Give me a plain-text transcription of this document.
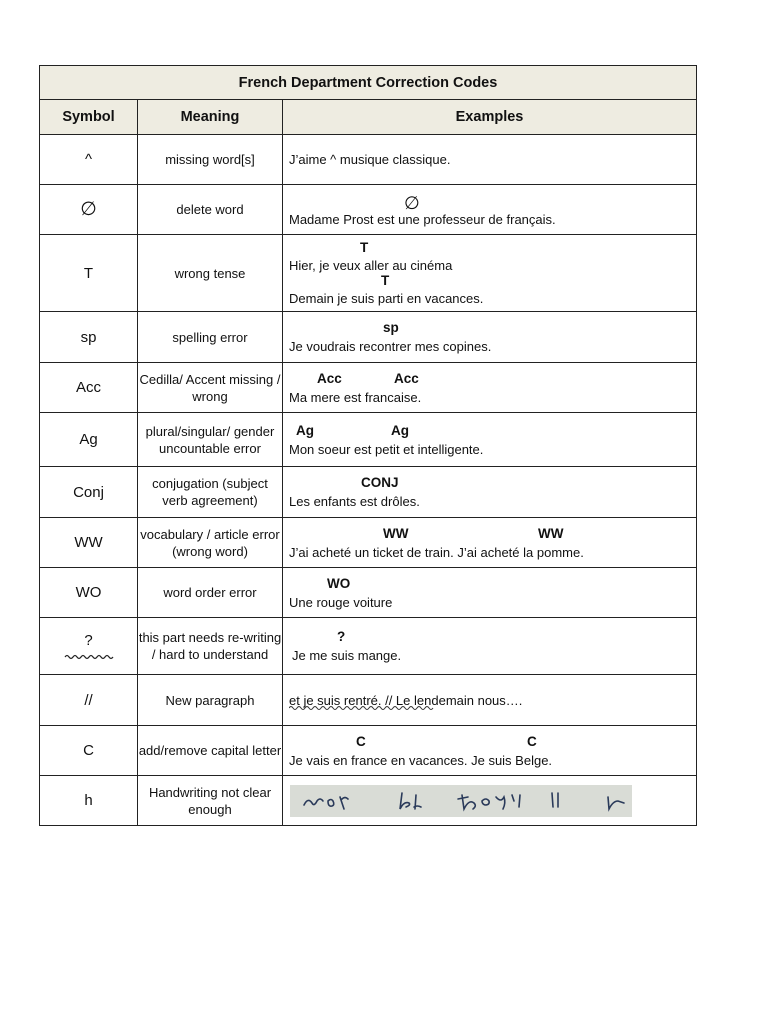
French Department Correction Codes		
Symbol	Meaning	Examples
^	missing word[s]	J’aime ^ musique classique.

∅	delete word	∅
Madame Prost est une professeur de français.

T	wrong tense	T
Hier, je veux aller au cinéma
T
Demain je suis parti en vacances.

sp	spelling error	sp
Je voudrais recontrer mes copines.

Acc	Cedilla/ Accent missing / wrong	Acc Acc
Ma mere est francaise.

Ag	plural/singular/ gender uncountable error	Ag Ag
Mon soeur est petit et intelligente.

Conj	conjugation (subject verb agreement)	CONJ
Les enfants est drôles.

WW	vocabulary / article error (wrong word)	WW WW
J’ai acheté un ticket de train. J’ai acheté la pomme.

WO	word order error	WO
Une rouge voiture

?	this part needs re-writing / hard to understand	?
Je me suis mange.

//	New paragraph	et je suis rentré. // Le lendemain nous….

C	add/remove capital letter	C C
Je vais en france en vacances. Je suis Belge.

h	Handwriting not clear enough	
